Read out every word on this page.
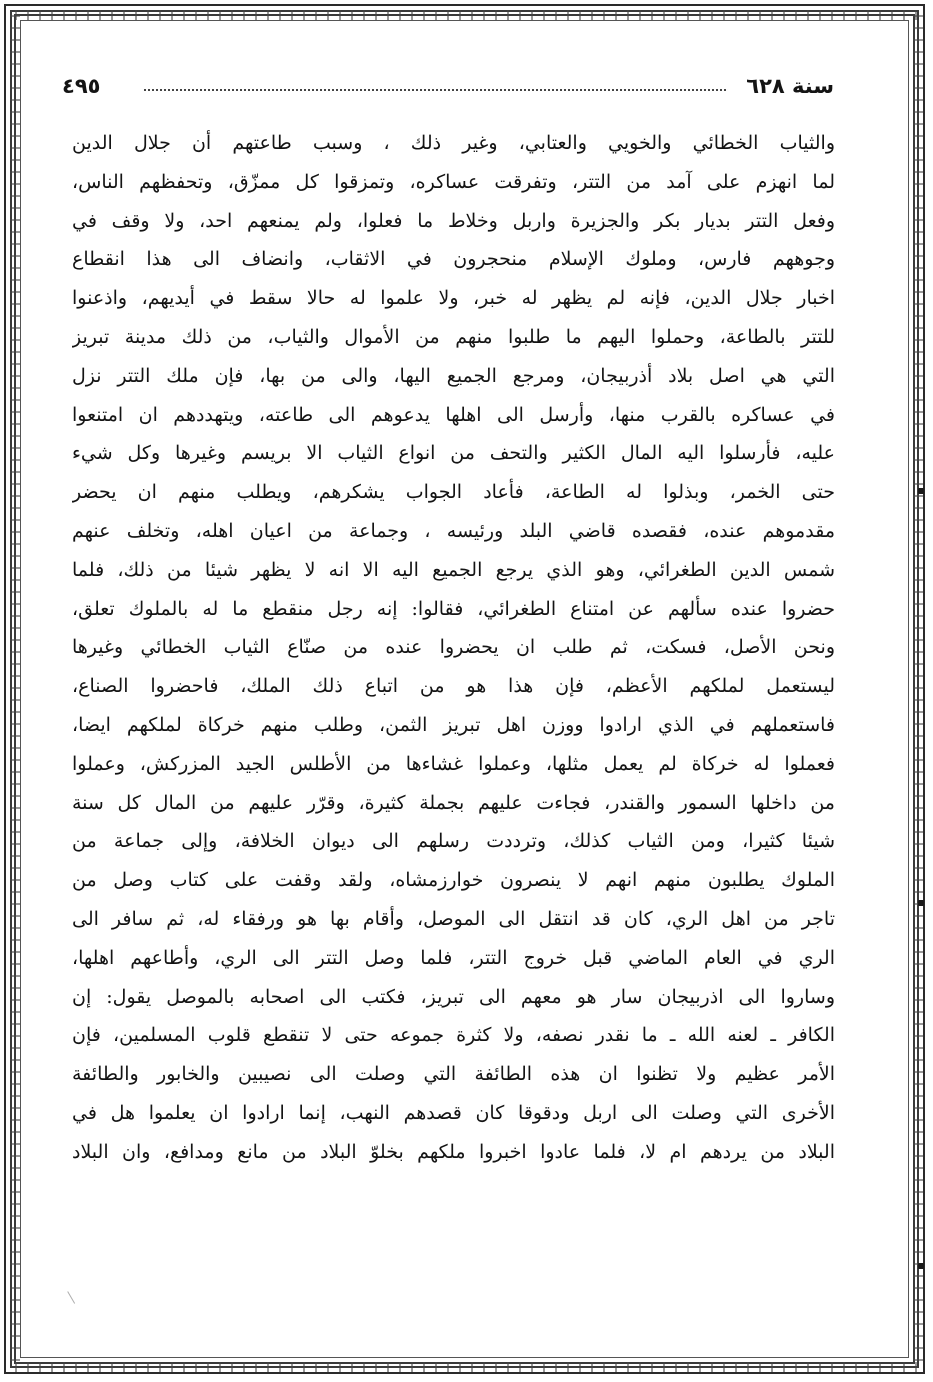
سنة ٦٢٨
٤٩٥
والثياب الخطائي والخويي والعتابي، وغير ذلك ، وسبب طاعتهم أن جلال الدين
لما انهزم على آمد من التتر، وتفرقت عساكره، وتمزقوا كل ممزّق، وتحفظهم الناس،
وفعل التتر بديار بكر والجزيرة واربل وخلاط ما فعلوا، ولم يمنعهم احد، ولا وقف في
وجوههم فارس، وملوك الإسلام منحجرون في الاثقاب، وانضاف الى هذا انقطاع
اخبار جلال الدين، فإنه لم يظهر له خبر، ولا علموا له حالا سقط في أيديهم، واذعنوا
للتتر بالطاعة، وحملوا اليهم ما طلبوا منهم من الأموال والثياب، من ذلك مدينة تبريز
التي هي اصل بلاد أذربيجان، ومرجع الجميع اليها، والى من بها، فإن ملك التتر نزل
في عساكره بالقرب منها، وأرسل الى اهلها يدعوهم الى طاعته، ويتهددهم ان امتنعوا
عليه، فأرسلوا اليه المال الكثير والتحف من انواع الثياب الا بريسم وغيرها وكل شيء
حتى الخمر، وبذلوا له الطاعة، فأعاد الجواب يشكرهم، ويطلب منهم ان يحضر
مقدموهم عنده، فقصده قاضي البلد ورئيسه ، وجماعة من اعيان اهله، وتخلف عنهم
شمس الدين الطغرائي، وهو الذي يرجع الجميع اليه الا انه لا يظهر شيئا من ذلك، فلما
حضروا عنده سألهم عن امتناع الطغرائي، فقالوا: إنه رجل منقطع ما له بالملوك تعلق،
ونحن الأصل، فسكت، ثم طلب ان يحضروا عنده من صنّاع الثياب الخطائي وغيرها
ليستعمل لملكهم الأعظم، فإن هذا هو من اتباع ذلك الملك، فاحضروا الصناع،
فاستعملهم في الذي ارادوا ووزن اهل تبريز الثمن، وطلب منهم خركاة لملكهم ايضا،
فعملوا له خركاة لم يعمل مثلها، وعملوا غشاءها من الأطلس الجيد المزركش، وعملوا
من داخلها السمور والقندر، فجاءت عليهم بجملة كثيرة، وقرّر عليهم من المال كل سنة
شيئا كثيرا، ومن الثياب كذلك، وترددت رسلهم الى ديوان الخلافة، وإلى جماعة من
الملوك يطلبون منهم انهم لا ينصرون خوارزمشاه، ولقد وقفت على كتاب وصل من
تاجر من اهل الري، كان قد انتقل الى الموصل، وأقام بها هو ورفقاء له، ثم سافر الى
الري في العام الماضي قبل خروج التتر، فلما وصل التتر الى الري، وأطاعهم اهلها،
وساروا الى اذربيجان سار هو معهم الى تبريز، فكتب الى اصحابه بالموصل يقول: إن
الكافر ـ لعنه الله ـ ما نقدر نصفه، ولا كثرة جموعه حتى لا تنقطع قلوب المسلمين، فإن
الأمر عظيم ولا تظنوا ان هذه الطائفة التي وصلت الى نصيبين والخابور والطائفة
الأخرى التي وصلت الى اربل ودقوقا كان قصدهم النهب، إنما ارادوا ان يعلموا هل في
البلاد من يردهم ام لا، فلما عادوا اخبروا ملكهم بخلوّ البلاد من مانع ومدافع، وان البلاد
